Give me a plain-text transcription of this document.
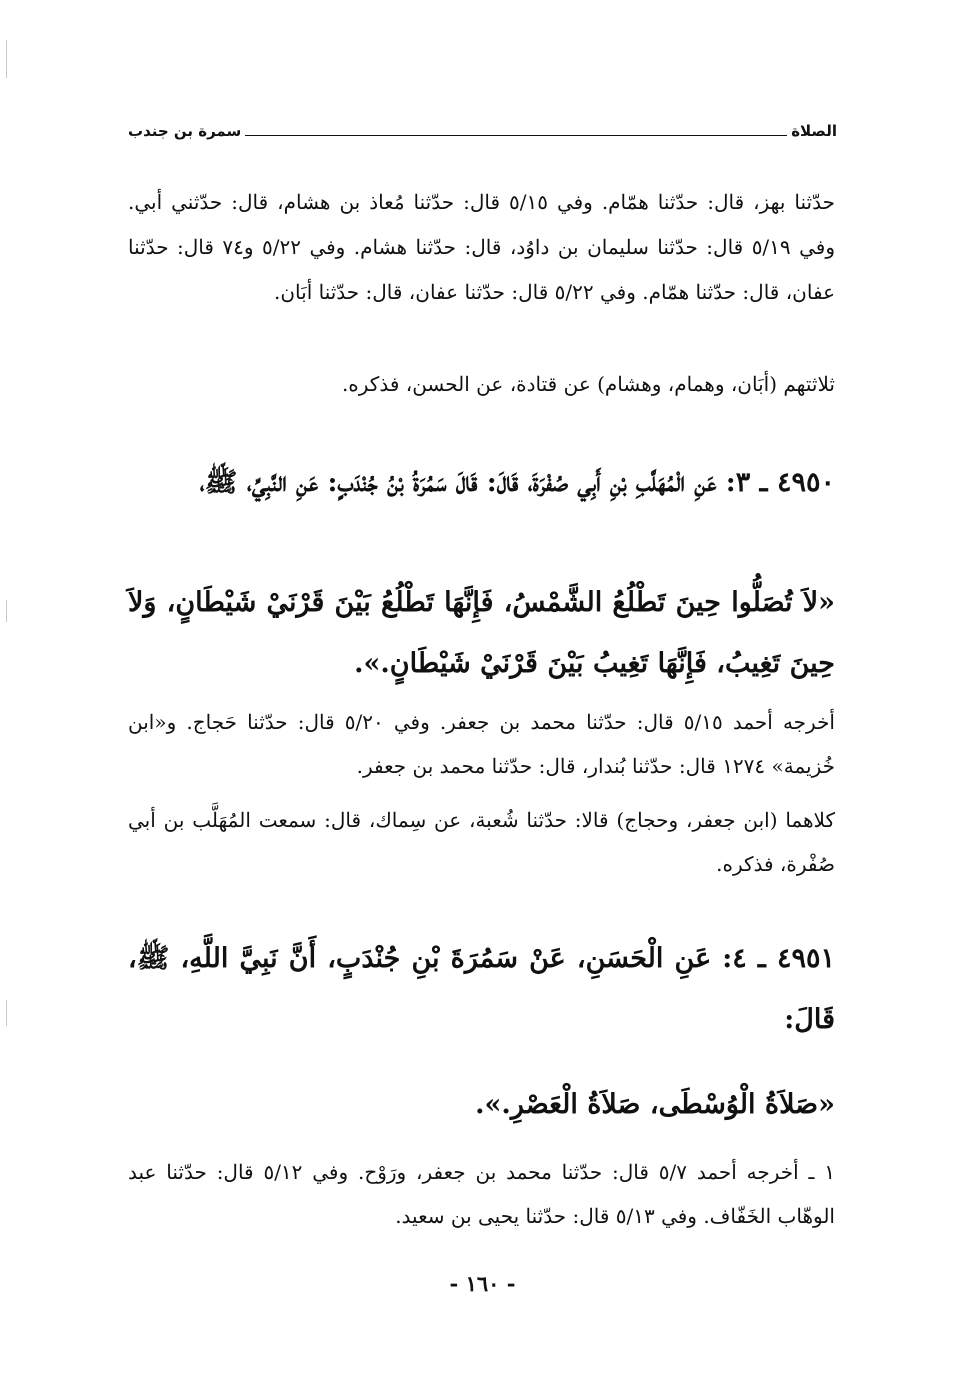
الصلاة
سمرة بن جندب

حدّثنا بهز، قال: حدّثنا همّام. وفي ٥/١٥ قال: حدّثنا مُعاذ بن هشام، قال: حدّثني أبي. وفي ٥/١٩ قال: حدّثنا سليمان بن داوُد، قال: حدّثنا هشام. وفي ٥/٢٢ و٧٤ قال: حدّثنا عفان، قال: حدّثنا همّام. وفي ٥/٢٢ قال: حدّثنا عفان، قال: حدّثنا أبَان.

ثلاثتهم (أبَان، وهمام، وهشام) عن قتادة، عن الحسن، فذكره.

٤٩٥٠ ـ ٣: عَنِ الْمُهَلَّبِ بْنِ أَبِي صُفْرَةَ، قَالَ: قَالَ سَمُرَةُ بْنُ جُنْدَبٍ: عَنِ النَّبِيِّ، ﷺ،

«لاَ تُصَلُّوا حِينَ تَطْلُعُ الشَّمْسُ، فَإِنَّهَا تَطْلُعُ بَيْنَ قَرْنَيْ شَيْطَانٍ، وَلاَ حِينَ تَغِيبُ، فَإِنَّهَا تَغِيبُ بَيْنَ قَرْنَيْ شَيْطَانٍ.».

أخرجه أحمد ٥/١٥ قال: حدّثنا محمد بن جعفر. وفي ٥/٢٠ قال: حدّثنا حَجاج. و«ابن خُزيمة» ١٢٧٤ قال: حدّثنا بُندار، قال: حدّثنا محمد بن جعفر.

كلاهما (ابن جعفر، وحجاج) قالا: حدّثنا شُعبة، عن سِماك، قال: سمعت المُهَلَّب بن أبي صُفْرة، فذكره.

٤٩٥١ ـ ٤: عَنِ الْحَسَنِ، عَنْ سَمُرَةَ بْنِ جُنْدَبٍ، أَنَّ نَبِيَّ اللَّهِ، ﷺ، قَالَ:

«صَلاَةُ الْوُسْطَى، صَلاَةُ الْعَصْرِ.».

١ ـ أخرجه أحمد ٥/٧ قال: حدّثنا محمد بن جعفر، ورَوْح. وفي ٥/١٢ قال: حدّثنا عبد الوهّاب الخَفّاف. وفي ٥/١٣ قال: حدّثنا يحيى بن سعيد.

- ١٦٠ -
